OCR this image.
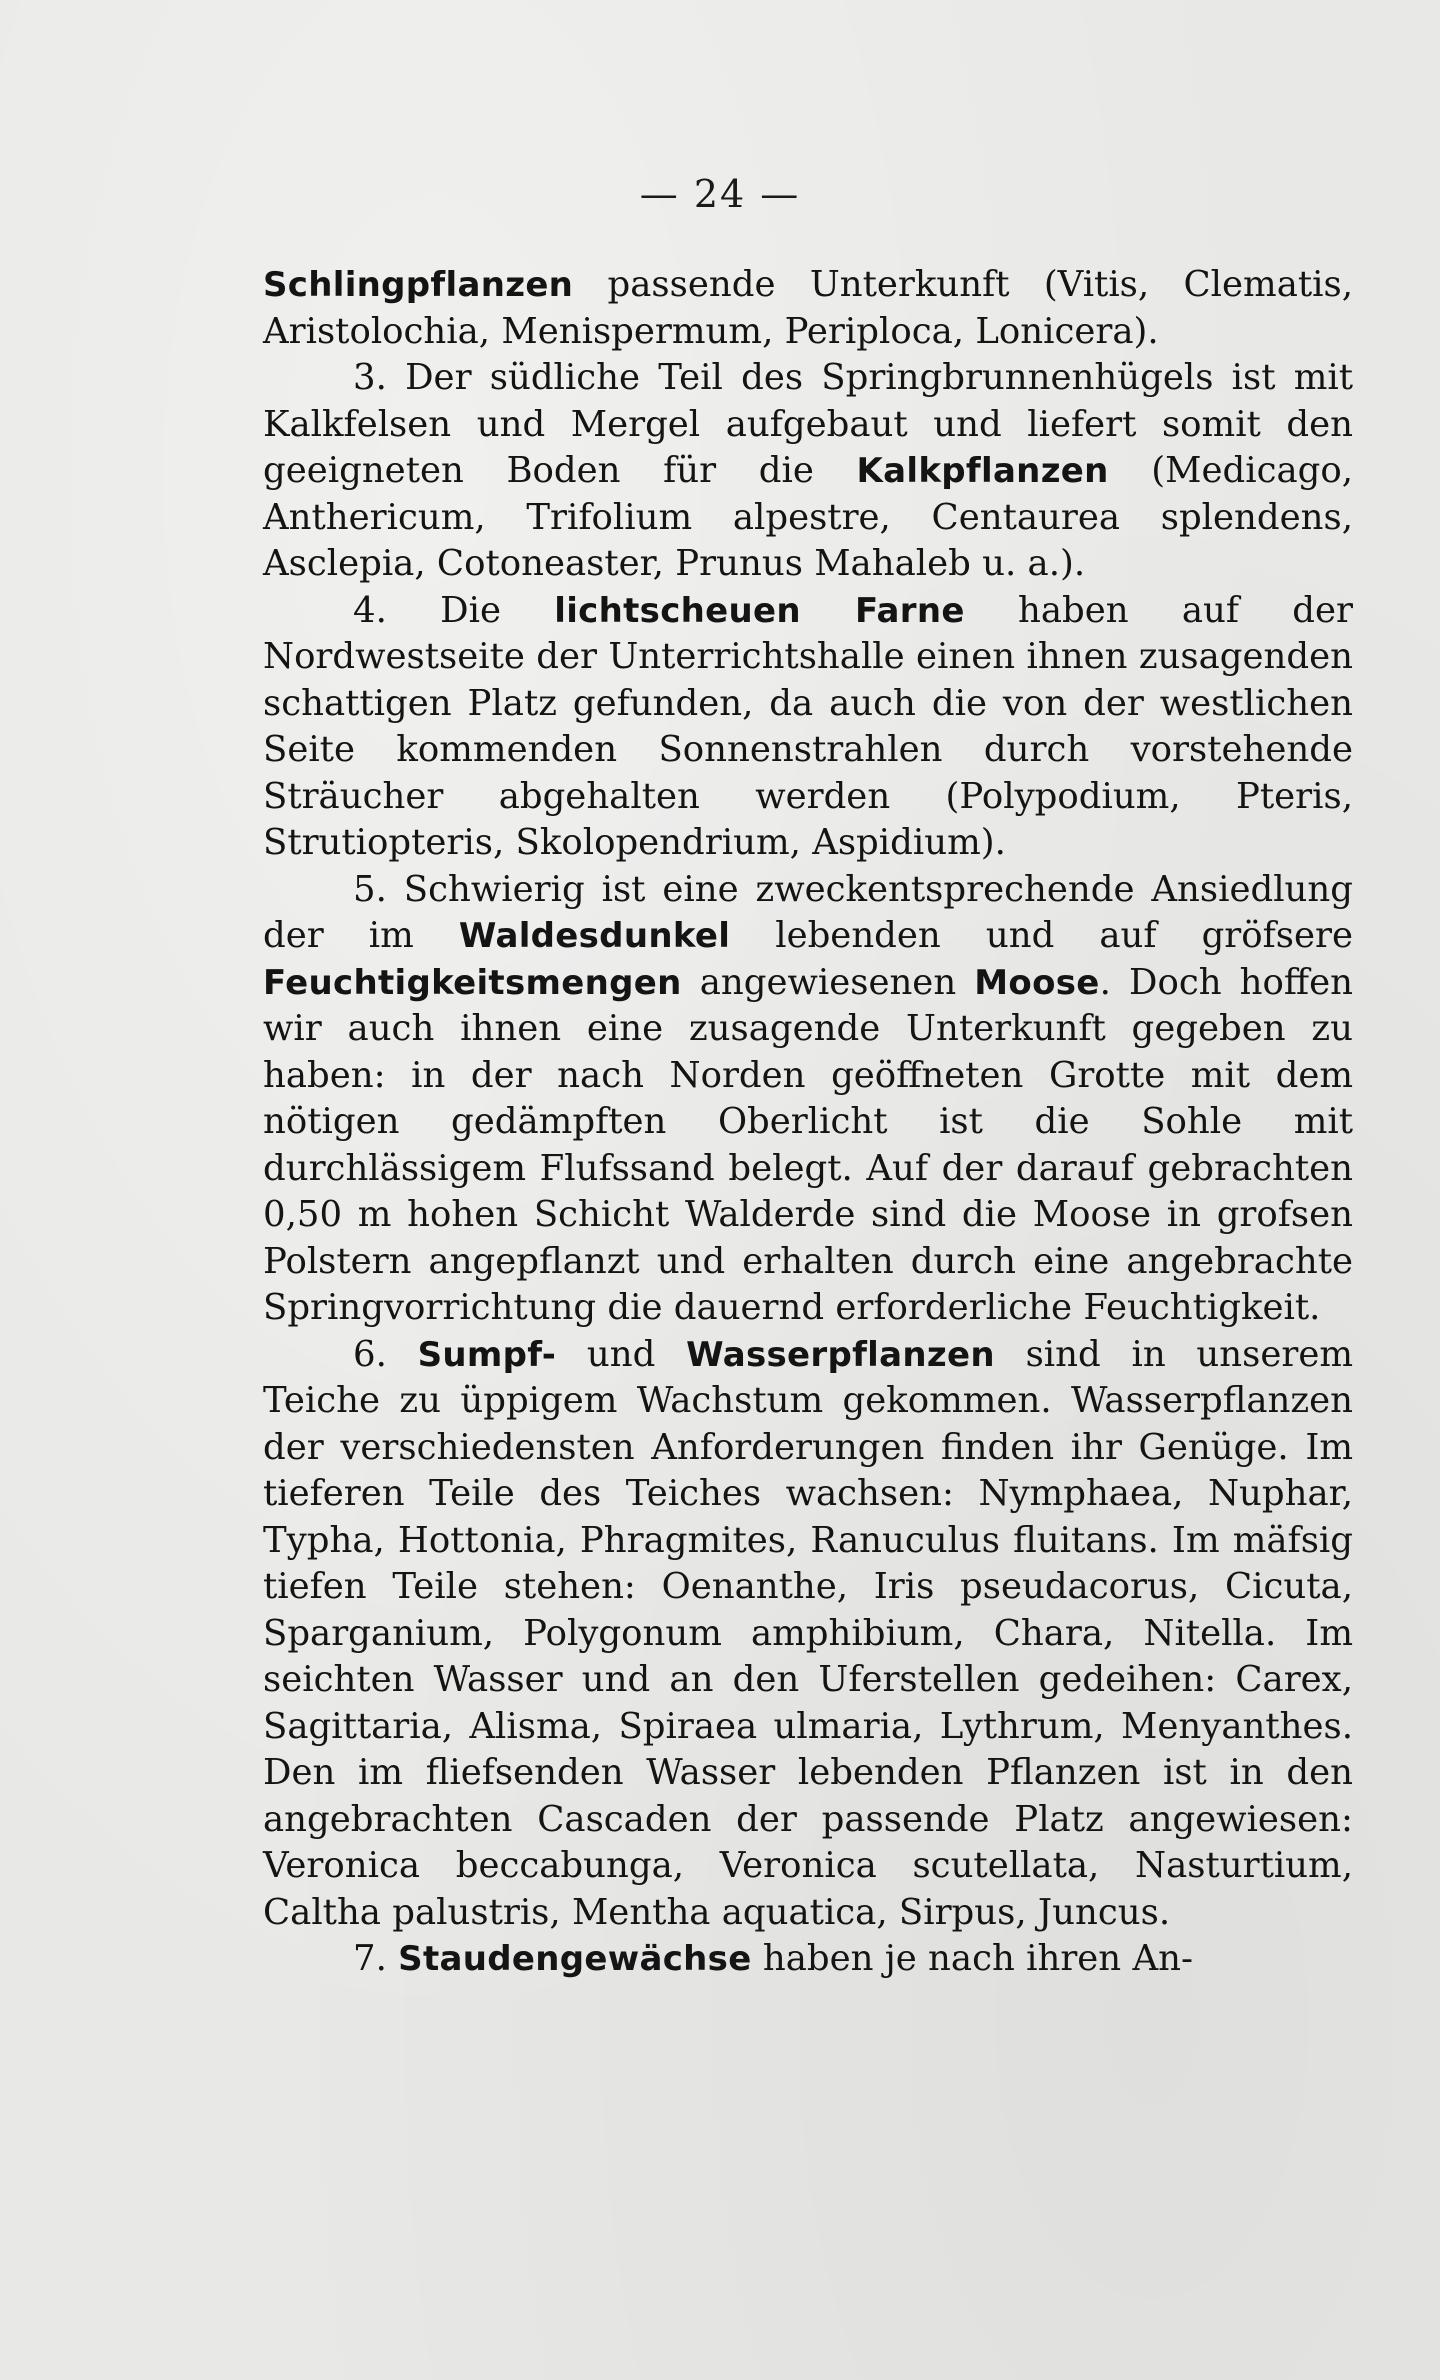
— 24 —

Schlingpflanzen passende Unterkunft (Vitis, Clematis, Aristolochia, Menispermum, Periploca, Lonicera).

3. Der südliche Teil des Springbrunnenhügels ist mit Kalkfelsen und Mergel aufgebaut und liefert somit den geeigneten Boden für die Kalkpflanzen (Medicago, Anthericum, Trifolium alpestre, Centaurea splendens, Asclepia, Cotoneaster, Prunus Mahaleb u. a.).

4. Die lichtscheuen Farne haben auf der Nordwestseite der Unterrichtshalle einen ihnen zusagenden schattigen Platz gefunden, da auch die von der westlichen Seite kommenden Sonnenstrahlen durch vorstehende Sträucher abgehalten werden (Polypodium, Pteris, Strutiopteris, Skolopendrium, Aspidium).

5. Schwierig ist eine zweckentsprechende Ansiedlung der im Waldesdunkel lebenden und auf gröfsere Feuchtigkeitsmengen angewiesenen Moose. Doch hoffen wir auch ihnen eine zusagende Unterkunft gegeben zu haben: in der nach Norden geöffneten Grotte mit dem nötigen gedämpften Oberlicht ist die Sohle mit durchlässigem Flufssand belegt. Auf der darauf gebrachten 0,50 m hohen Schicht Walderde sind die Moose in grofsen Polstern angepflanzt und erhalten durch eine angebrachte Springvorrichtung die dauernd erforderliche Feuchtigkeit.

6. Sumpf- und Wasserpflanzen sind in unserem Teiche zu üppigem Wachstum gekommen. Wasserpflanzen der verschiedensten Anforderungen finden ihr Genüge. Im tieferen Teile des Teiches wachsen: Nymphaea, Nuphar, Typha, Hottonia, Phragmites, Ranuculus fluitans. Im mäfsig tiefen Teile stehen: Oenanthe, Iris pseudacorus, Cicuta, Sparganium, Polygonum amphibium, Chara, Nitella. Im seichten Wasser und an den Uferstellen gedeihen: Carex, Sagittaria, Alisma, Spiraea ulmaria, Lythrum, Menyanthes. Den im fliefsenden Wasser lebenden Pflanzen ist in den angebrachten Cascaden der passende Platz angewiesen: Veronica beccabunga, Veronica scutellata, Nasturtium, Caltha palustris, Mentha aquatica, Sirpus, Juncus.

7. Staudengewächse haben je nach ihren An-
